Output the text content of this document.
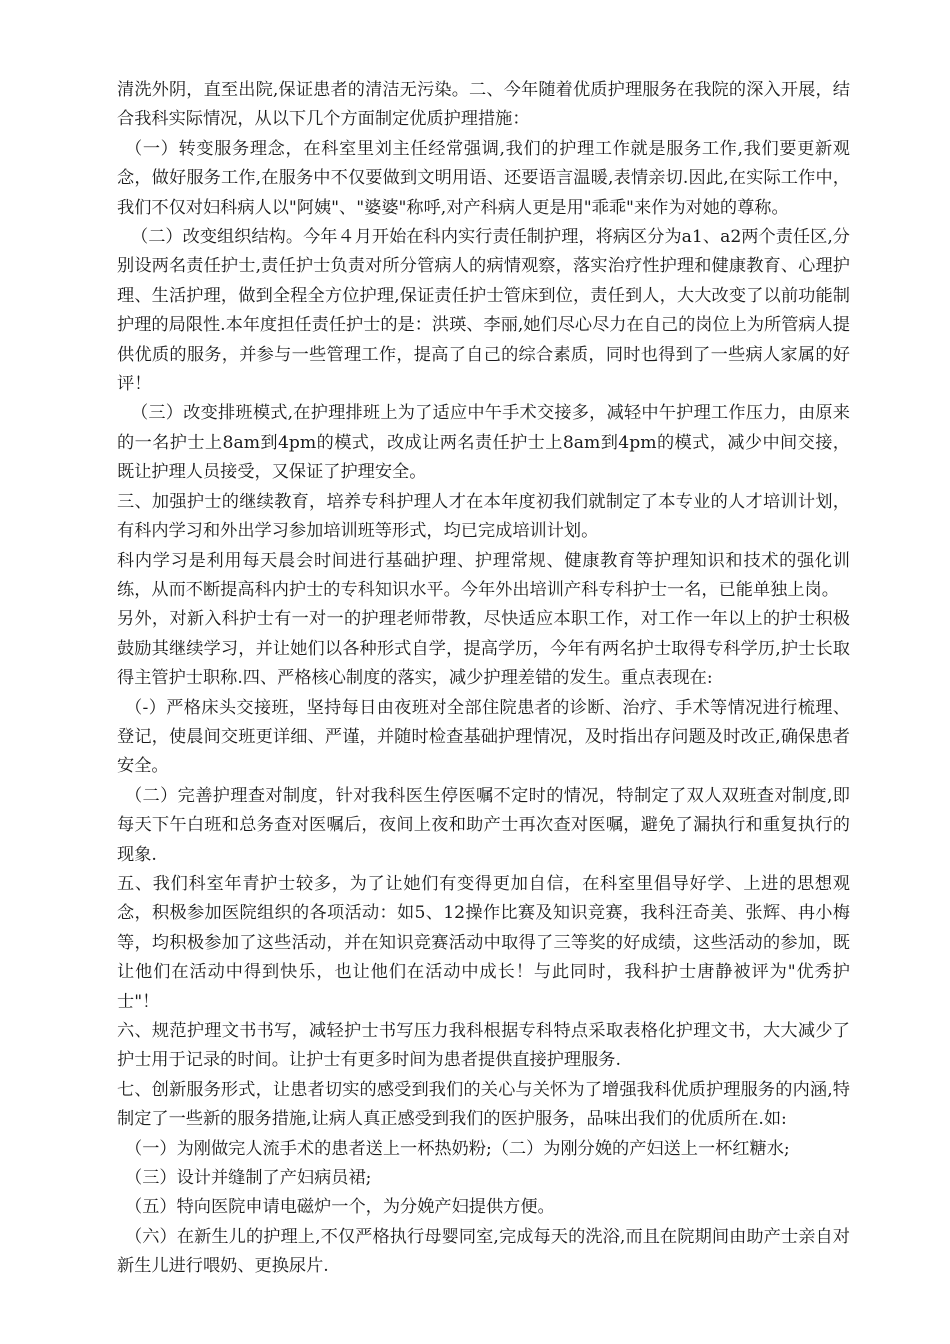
清洗外阴，直至出院,保证患者的清洁无污染。二、今年随着优质护理服务在我院的深入开展，结合我科实际情况，从以下几个方面制定优质护理措施：

（一）转变服务理念，在科室里刘主任经常强调,我们的护理工作就是服务工作,我们要更新观念，做好服务工作,在服务中不仅要做到文明用语、还要语言温暖,表情亲切.因此,在实际工作中，我们不仅对妇科病人以"阿姨"、"婆婆"称呼,对产科病人更是用"乖乖"来作为对她的尊称。

（二）改变组织结构。今年４月开始在科内实行责任制护理，将病区分为a1、a2两个责任区,分别设两名责任护士,责任护士负责对所分管病人的病情观察，落实治疗性护理和健康教育、心理护理、生活护理，做到全程全方位护理,保证责任护士管床到位，责任到人，大大改变了以前功能制护理的局限性.本年度担任责任护士的是：洪瑛、李丽,她们尽心尽力在自己的岗位上为所管病人提供优质的服务，并参与一些管理工作，提高了自己的综合素质，同时也得到了一些病人家属的好评！

（三）改变排班模式,在护理排班上为了适应中午手术交接多，减轻中午护理工作压力，由原来的一名护士上8am到4pm的模式，改成让两名责任护士上8am到4pm的模式，减少中间交接，既让护理人员接受，又保证了护理安全。

三、加强护士的继续教育，培养专科护理人才在本年度初我们就制定了本专业的人才培训计划，有科内学习和外出学习参加培训班等形式，均已完成培训计划。

科内学习是利用每天晨会时间进行基础护理、护理常规、健康教育等护理知识和技术的强化训练，从而不断提高科内护士的专科知识水平。今年外出培训产科专科护士一名，已能单独上岗。

另外，对新入科护士有一对一的护理老师带教，尽快适应本职工作，对工作一年以上的护士积极鼓励其继续学习，并让她们以各种形式自学，提高学历，今年有两名护士取得专科学历,护士长取得主管护士职称.四、严格核心制度的落实，减少护理差错的发生。重点表现在:

（-）严格床头交接班，坚持每日由夜班对全部住院患者的诊断、治疗、手术等情况进行梳理、登记，使晨间交班更详细、严谨，并随时检查基础护理情况，及时指出存问题及时改正,确保患者安全。

（二）完善护理查对制度，针对我科医生停医嘱不定时的情况，特制定了双人双班查对制度,即每天下午白班和总务查对医嘱后，夜间上夜和助产士再次查对医嘱，避免了漏执行和重复执行的现象.

五、我们科室年青护士较多，为了让她们有变得更加自信，在科室里倡导好学、上进的思想观念，积极参加医院组织的各项活动：如5、12操作比赛及知识竞赛，我科汪奇美、张辉、冉小梅等，均积极参加了这些活动，并在知识竞赛活动中取得了三等奖的好成绩，这些活动的参加，既让他们在活动中得到快乐，也让他们在活动中成长！与此同时，我科护士唐静被评为"优秀护士"！

六、规范护理文书书写，减轻护士书写压力我科根据专科特点采取表格化护理文书，大大减少了护士用于记录的时间。让护士有更多时间为患者提供直接护理服务.

七、创新服务形式，让患者切实的感受到我们的关心与关怀为了增强我科优质护理服务的内涵,特制定了一些新的服务措施,让病人真正感受到我们的医护服务，品味出我们的优质所在.如:

（一）为刚做完人流手术的患者送上一杯热奶粉;（二）为刚分娩的产妇送上一杯红糖水;

（三）设计并缝制了产妇病员裙;

（五）特向医院申请电磁炉一个，为分娩产妇提供方便。

（六）在新生儿的护理上,不仅严格执行母婴同室,完成每天的洗浴,而且在院期间由助产士亲自对新生儿进行喂奶、更换尿片.
